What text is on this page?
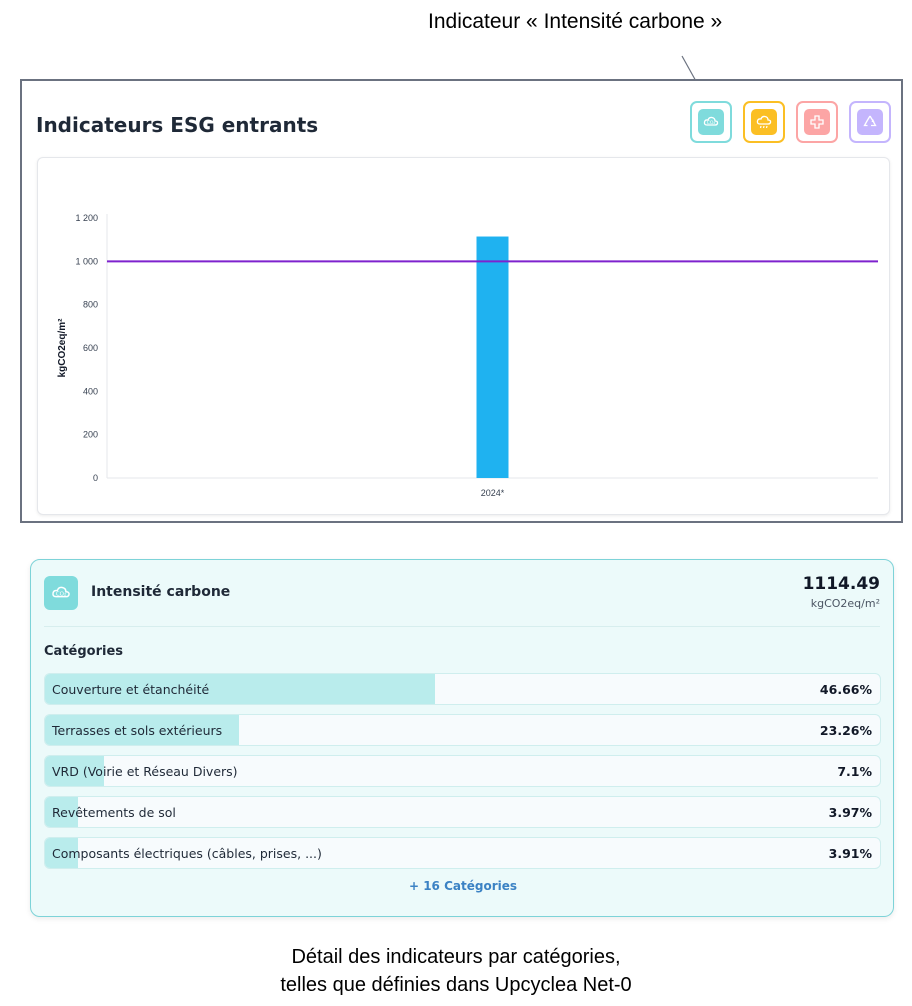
Indicateur « Intensité carbone »
Indicateurs ESG entrants	CO₂
0
200
400
600
800
1 000
1 200
kgCO2eq/m²
2024*
CO₂ Intensité carbone	1114.49
kgCO2eq/m²
Catégories
Couverture et étanchéité	46.66%
Terrasses et sols extérieurs	23.26%
VRD (Voirie et Réseau Divers)	7.1%
Revêtements de sol	3.97%
Composants électriques (câbles, prises, ...)	3.91%
+ 16 Catégories
Détail des indicateurs par catégories,
telles que définies dans Upcyclea Net-0
